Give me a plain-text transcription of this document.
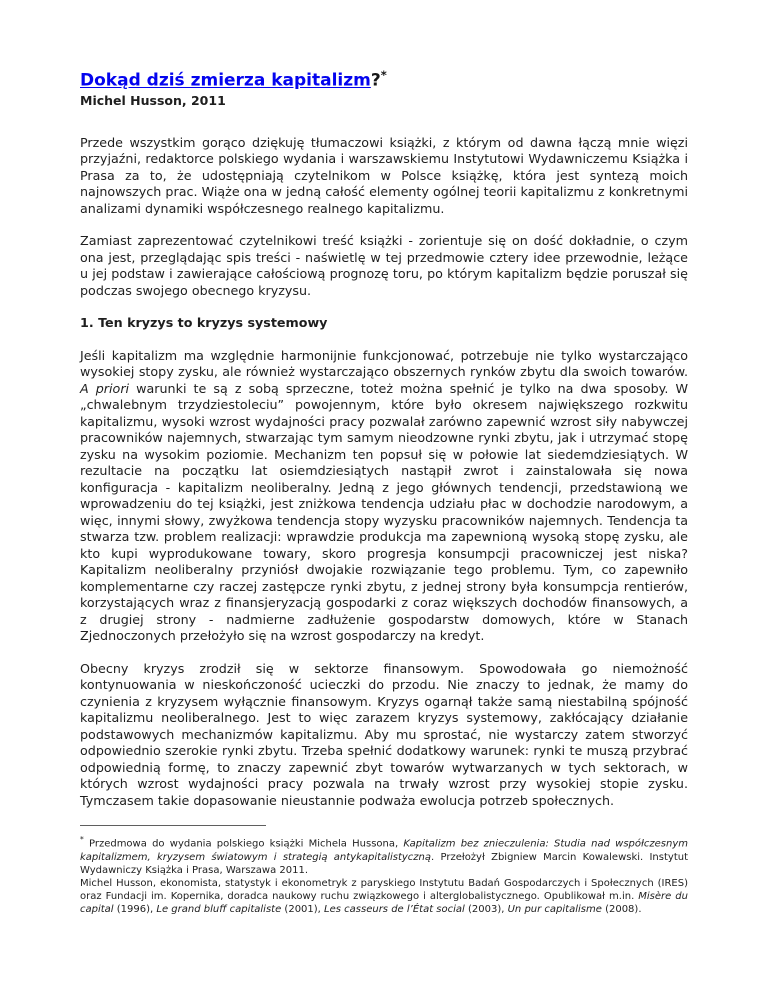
Dokąd dziś zmierza kapitalizm?*
Michel Husson, 2011

Przede wszystkim gorąco dziękuję tłumaczowi książki, z którym od dawna łączą mnie więzi przyjaźni, redaktorce polskiego wydania i warszawskiemu Instytutowi Wydawniczemu Książka i Prasa za to, że udostępniają czytelnikom w Polsce książkę, która jest syntezą moich najnowszych prac. Wiąże ona w jedną całość elementy ogólnej teorii kapitalizmu z konkretnymi analizami dynamiki współczesnego realnego kapitalizmu.

Zamiast zaprezentować czytelnikowi treść książki - zorientuje się on dość dokładnie, o czym ona jest, przeglądając spis treści - naświetlę w tej przedmowie cztery idee przewodnie, leżące u jej podstaw i zawierające całościową prognozę toru, po którym kapitalizm będzie poruszał się podczas swojego obecnego kryzysu.

1. Ten kryzys to kryzys systemowy

Jeśli kapitalizm ma względnie harmonijnie funkcjonować, potrzebuje nie tylko wystarczająco wysokiej stopy zysku, ale również wystarczająco obszernych rynków zbytu dla swoich towarów. A priori warunki te są z sobą sprzeczne, toteż można spełnić je tylko na dwa sposoby. W „chwalebnym trzydziestoleciu” powojennym, które było okresem największego rozkwitu kapitalizmu, wysoki wzrost wydajności pracy pozwalał zarówno zapewnić wzrost siły nabywczej pracowników najemnych, stwarzając tym samym nieodzowne rynki zbytu, jak i utrzymać stopę zysku na wysokim poziomie. Mechanizm ten popsuł się w połowie lat siedemdziesiątych. W rezultacie na początku lat osiemdziesiątych nastąpił zwrot i zainstalowała się nowa konfiguracja - kapitalizm neoliberalny. Jedną z jego głównych tendencji, przedstawioną we wprowadzeniu do tej książki, jest zniżkowa tendencja udziału płac w dochodzie narodowym, a więc, innymi słowy, zwyżkowa tendencja stopy wyzysku pracowników najemnych. Tendencja ta stwarza tzw. problem realizacji: wprawdzie produkcja ma zapewnioną wysoką stopę zysku, ale kto kupi wyprodukowane towary, skoro progresja konsumpcji pracowniczej jest niska? Kapitalizm neoliberalny przyniósł dwojakie rozwiązanie tego problemu. Tym, co zapewniło komplementarne czy raczej zastępcze rynki zbytu, z jednej strony była konsumpcja rentierów, korzystających wraz z finansjeryzacją gospodarki z coraz większych dochodów finansowych, a z drugiej strony - nadmierne zadłużenie gospodarstw domowych, które w Stanach Zjednoczonych przełożyło się na wzrost gospodarczy na kredyt.

Obecny kryzys zrodził się w sektorze finansowym. Spowodowała go niemożność kontynuowania w nieskończoność ucieczki do przodu. Nie znaczy to jednak, że mamy do czynienia z kryzysem wyłącznie finansowym. Kryzys ogarnął także samą niestabilną spójność kapitalizmu neoliberalnego. Jest to więc zarazem kryzys systemowy, zakłócający działanie podstawowych mechanizmów kapitalizmu. Aby mu sprostać, nie wystarczy zatem stworzyć odpowiednio szerokie rynki zbytu. Trzeba spełnić dodatkowy warunek: rynki te muszą przybrać odpowiednią formę, to znaczy zapewnić zbyt towarów wytwarzanych w tych sektorach, w których wzrost wydajności pracy pozwala na trwały wzrost przy wysokiej stopie zysku. Tymczasem takie dopasowanie nieustannie podważa ewolucja potrzeb społecznych.

* Przedmowa do wydania polskiego książki Michela Hussona, Kapitalizm bez znieczulenia: Studia nad współczesnym kapitalizmem, kryzysem światowym i strategią antykapitalistyczną. Przełożył Zbigniew Marcin Kowalewski. Instytut Wydawniczy Książka i Prasa, Warszawa 2011.

Michel Husson, ekonomista, statystyk i ekonometryk z paryskiego Instytutu Badań Gospodarczych i Społecznych (IRES) oraz Fundacji im. Kopernika, doradca naukowy ruchu związkowego i alterglobalistycznego. Opublikował m.in. Misère du capital (1996), Le grand bluff capitaliste (2001), Les casseurs de l’État social (2003), Un pur capitalisme (2008).
